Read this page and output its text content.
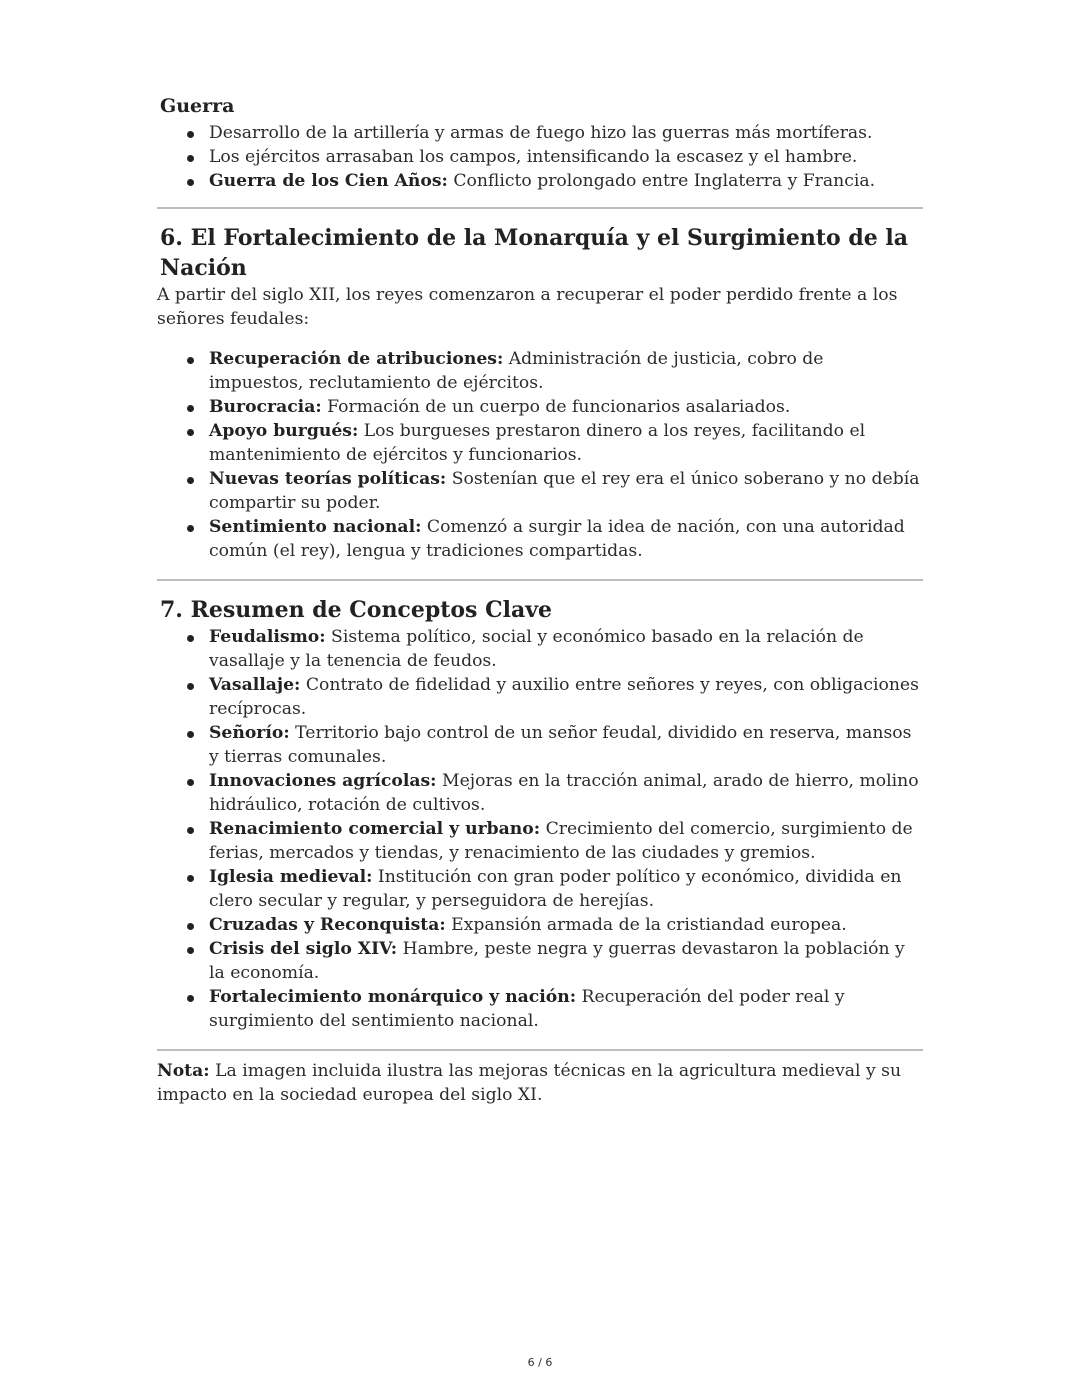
Guerra
Desarrollo de la artillería y armas de fuego hizo las guerras más mortíferas.
Los ejércitos arrasaban los campos, intensificando la escasez y el hambre.
Guerra de los Cien Años: Conflicto prolongado entre Inglaterra y Francia.
6. El Fortalecimiento de la Monarquía y el Surgimiento de la Nación

A partir del siglo XII, los reyes comenzaron a recuperar el poder perdido frente a los señores feudales:

Recuperación de atribuciones: Administración de justicia, cobro de impuestos, reclutamiento de ejércitos.
Burocracia: Formación de un cuerpo de funcionarios asalariados.
Apoyo burgués: Los burgueses prestaron dinero a los reyes, facilitando el mantenimiento de ejércitos y funcionarios.
Nuevas teorías políticas: Sostenían que el rey era el único soberano y no debía compartir su poder.
Sentimiento nacional: Comenzó a surgir la idea de nación, con una autoridad común (el rey), lengua y tradiciones compartidas.
7. Resumen de Conceptos Clave
Feudalismo: Sistema político, social y económico basado en la relación de vasallaje y la tenencia de feudos.
Vasallaje: Contrato de fidelidad y auxilio entre señores y reyes, con obligaciones recíprocas.
Señorío: Territorio bajo control de un señor feudal, dividido en reserva, mansos y tierras comunales.
Innovaciones agrícolas: Mejoras en la tracción animal, arado de hierro, molino hidráulico, rotación de cultivos.
Renacimiento comercial y urbano: Crecimiento del comercio, surgimiento de ferias, mercados y tiendas, y renacimiento de las ciudades y gremios.
Iglesia medieval: Institución con gran poder político y económico, dividida en clero secular y regular, y perseguidora de herejías.
Cruzadas y Reconquista: Expansión armada de la cristiandad europea.
Crisis del siglo XIV: Hambre, peste negra y guerras devastaron la población y la economía.
Fortalecimiento monárquico y nación: Recuperación del poder real y surgimiento del sentimiento nacional.

Nota: La imagen incluida ilustra las mejoras técnicas en la agricultura medieval y su impacto en la sociedad europea del siglo XI.

6 / 6
